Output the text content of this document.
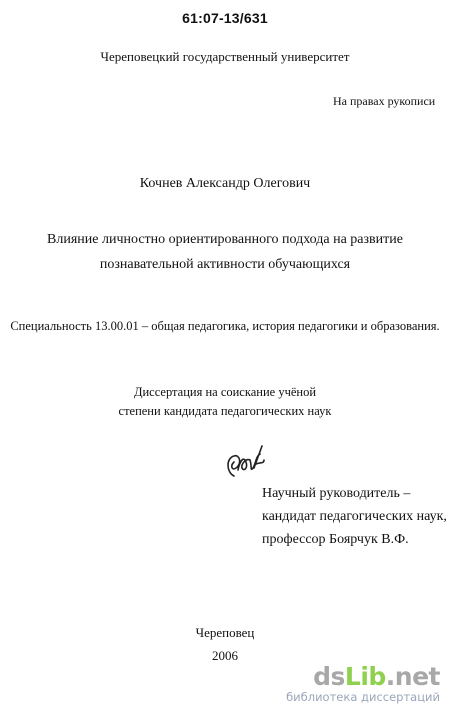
61:07-13/631
Череповецкий государственный университет
На правах рукописи
Кочнев Александр Олегович
Влияние личностно ориентированного подхода на развитие
познавательной активности обучающихся
Специальность 13.00.01 – общая педагогика, история педагогики и образования.
Диссертация на соискание учёной
степени кандидата педагогических наук
Научный руководитель –
кандидат педагогических наук,
профессор Боярчук В.Ф.
Череповец
2006
dsLib.net
библиотека диссертаций
